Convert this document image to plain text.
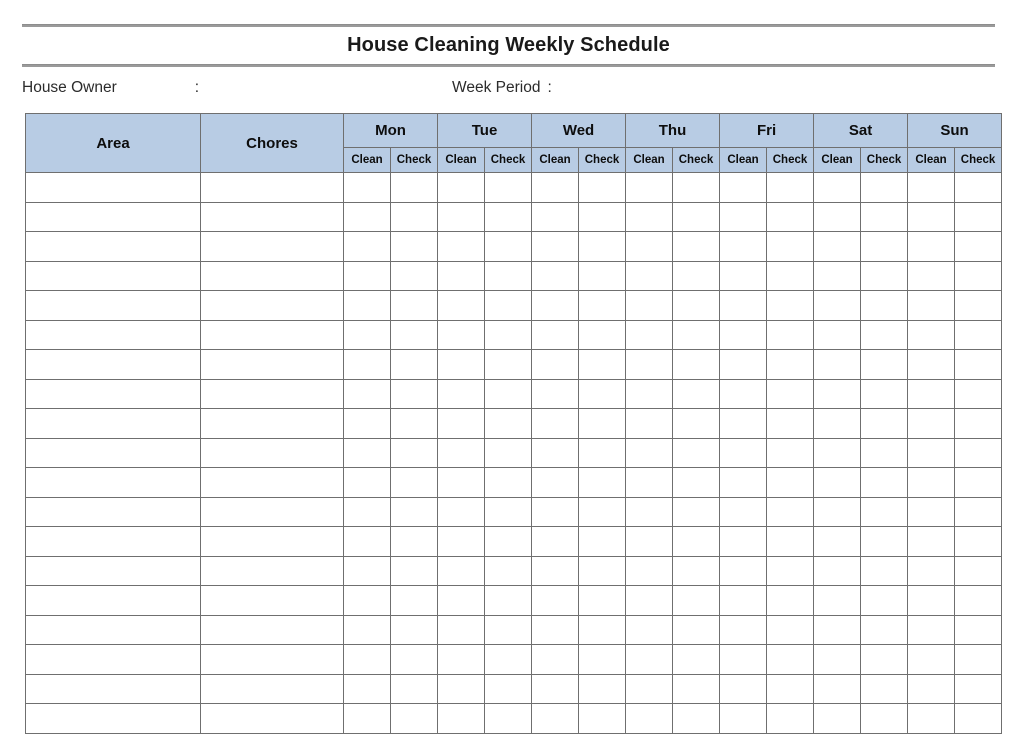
House Cleaning Weekly Schedule
House Owner	:	Week Period :
Area	Chores	Mon		Tue		Wed		Thu		Fri		Sat		Sun	
		Clean	Check	Clean	Check	Clean	Check	Clean	Check	Clean	Check	Clean	Check	Clean	Check
